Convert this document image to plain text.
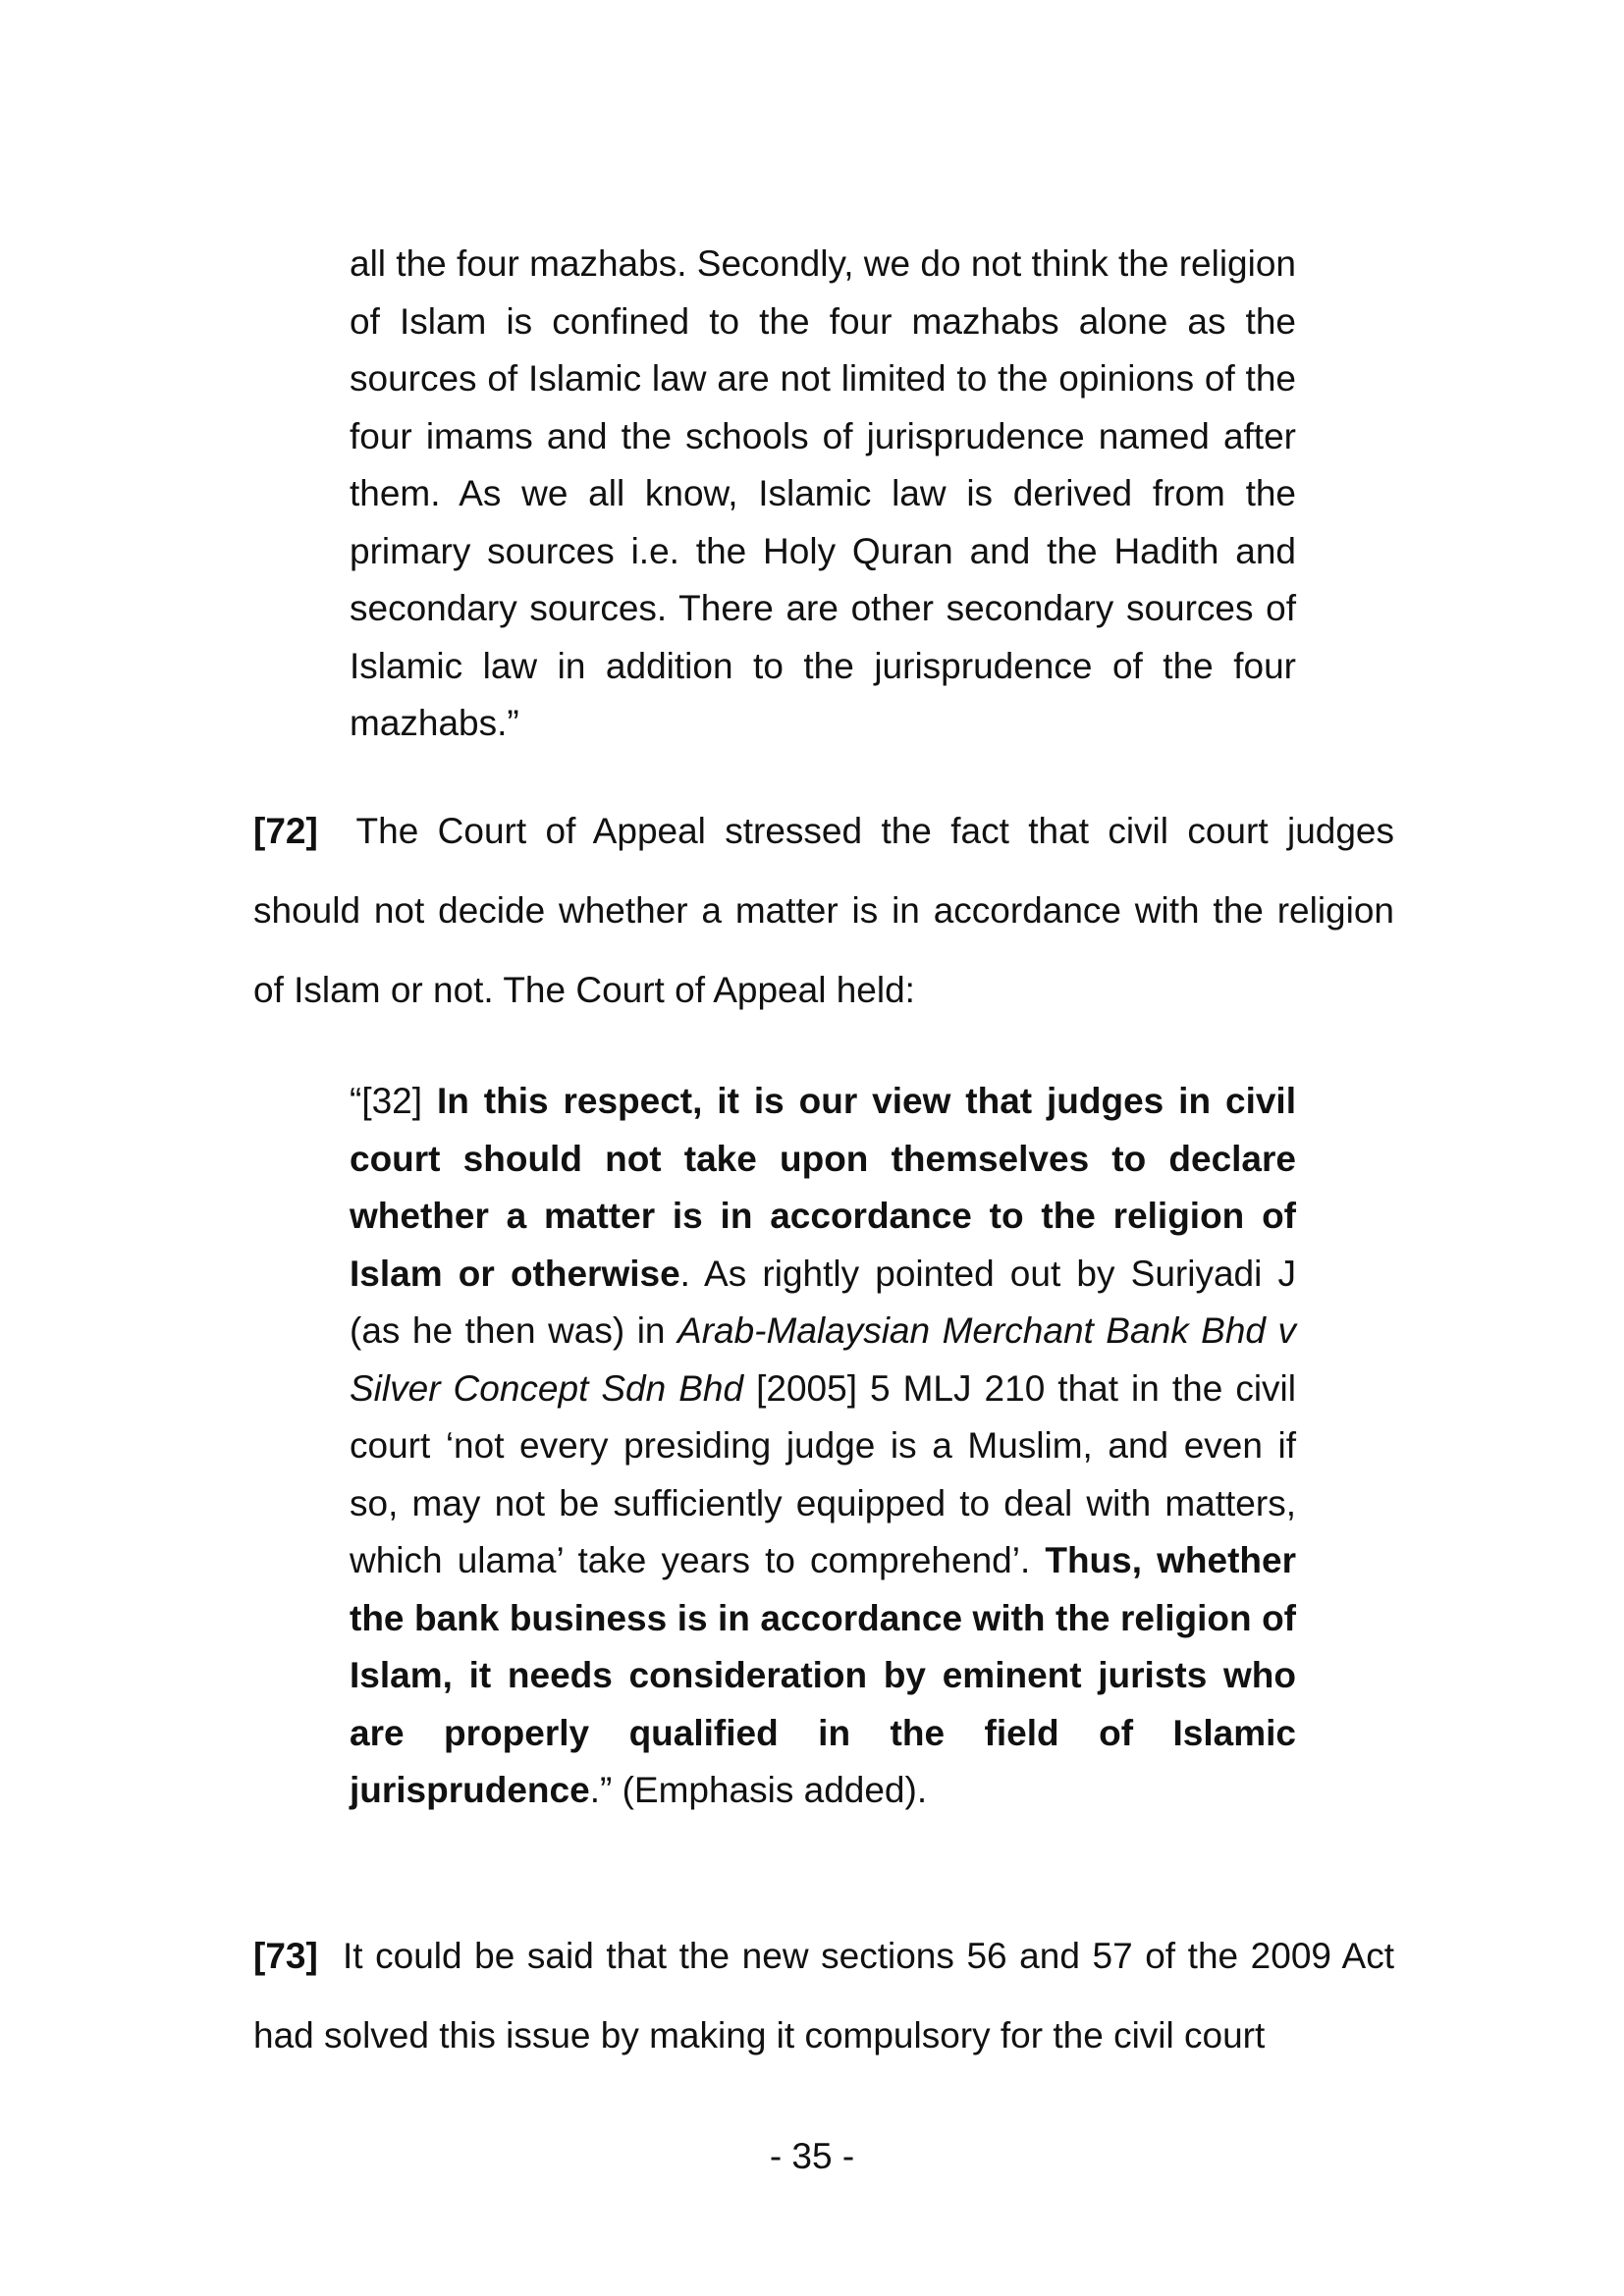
all the four mazhabs. Secondly, we do not think the religion of Islam is confined to the four mazhabs alone as the sources of Islamic law are not limited to the opinions of the four imams and the schools of jurisprudence named after them. As we all know, Islamic law is derived from the primary sources i.e. the Holy Quran and the Hadith and secondary sources. There are other secondary sources of Islamic law in addition to the jurisprudence of the four mazhabs.”

[72] The Court of Appeal stressed the fact that civil court judges should not decide whether a matter is in accordance with the religion of Islam or not. The Court of Appeal held:

“[32] In this respect, it is our view that judges in civil court should not take upon themselves to declare whether a matter is in accordance to the religion of Islam or otherwise. As rightly pointed out by Suriyadi J (as he then was) in Arab-Malaysian Merchant Bank Bhd v Silver Concept Sdn Bhd [2005] 5 MLJ 210 that in the civil court ‘not every presiding judge is a Muslim, and even if so, may not be sufficiently equipped to deal with matters, which ulama’ take years to comprehend’. Thus, whether the bank business is in accordance with the religion of Islam, it needs consideration by eminent jurists who are properly qualified in the field of Islamic jurisprudence.” (Emphasis added).

[73] It could be said that the new sections 56 and 57 of the 2009 Act had solved this issue by making it compulsory for the civil court

- 35 -
